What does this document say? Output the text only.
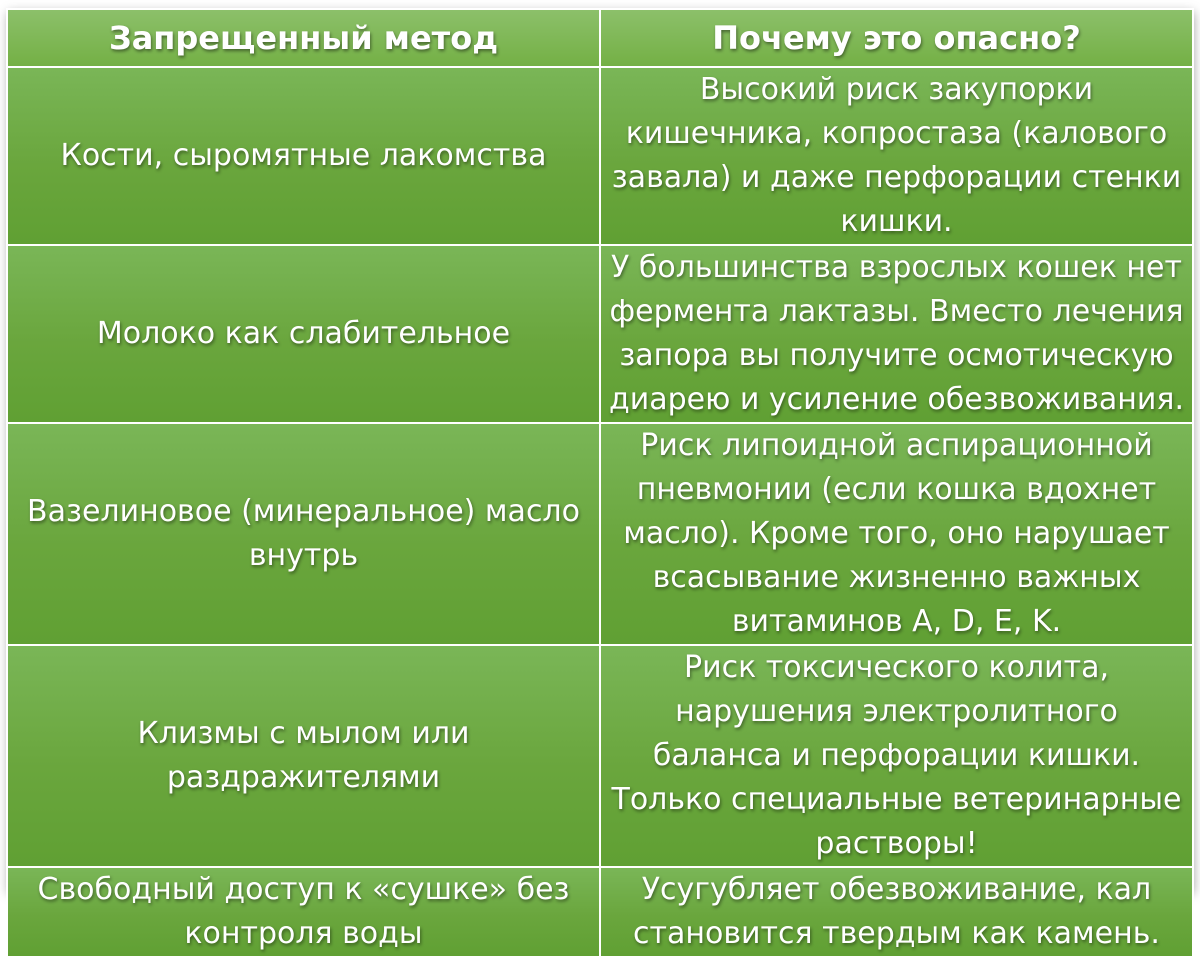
Запрещенный метод	Почему это опасно?
Кости, сыромятные лакомства	Высокий риск закупорки кишечника, копростаза (калового завала) и даже перфорации стенки кишки.
Молоко как слабительное	У большинства взрослых кошек нет фермента лактазы. Вместо лечения запора вы получите осмотическую диарею и усиление обезвоживания.
Вазелиновое (минеральное) масло внутрь	Риск липоидной аспирационной пневмонии (если кошка вдохнет масло). Кроме того, оно нарушает всасывание жизненно важных витаминов А, D, E, K.
Клизмы с мылом или раздражителями	Риск токсического колита, нарушения электролитного баланса и перфорации кишки. Только специальные ветеринарные растворы!
Свободный доступ к «сушке» без контроля воды	Усугубляет обезвоживание, кал становится твердым как камень.
